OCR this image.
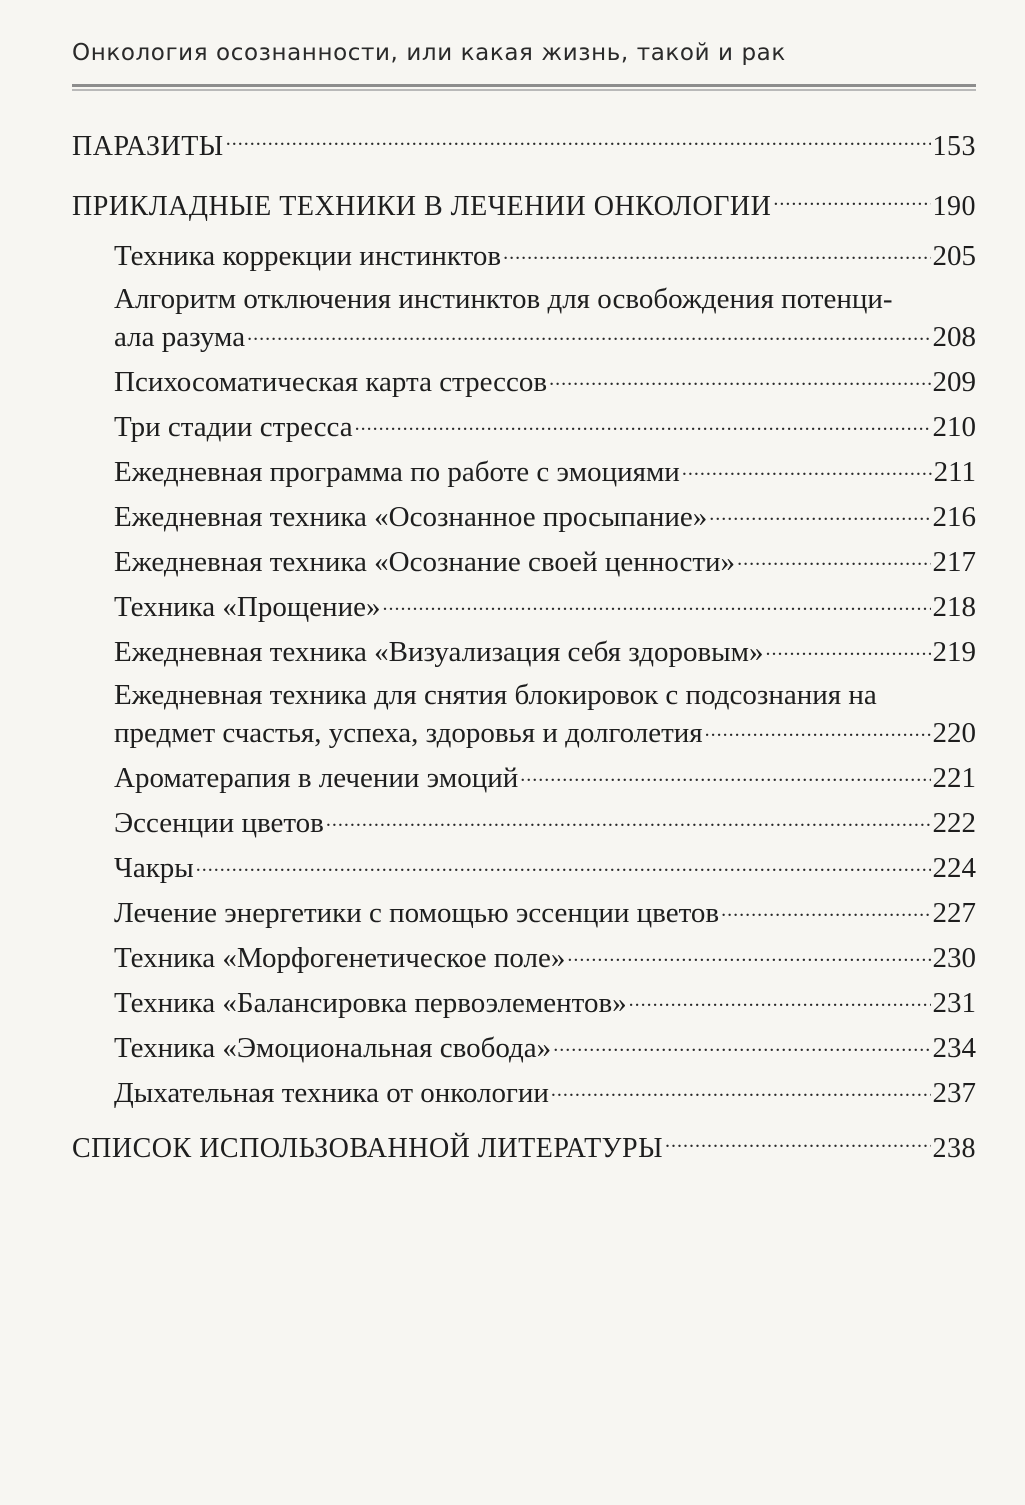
Онкология осознанности, или какая жизнь, такой и рак
ПАРАЗИТЫ .....	153
ПРИКЛАДНЫЕ ТЕХНИКИ В ЛЕЧЕНИИ ОНКОЛОГИИ .....	190
Техника коррекции инстинктов .....	205
Алгоритм отключения инстинктов для освобождения потенци-
ала разума .....	208
Психосоматическая карта стрессов .....	209
Три стадии стресса .....	210
Ежедневная программа по работе с эмоциями .....	211
Ежедневная техника «Осознанное просыпание» .....	216
Ежедневная техника «Осознание своей ценности» .....	217
Техника «Прощение» .....	218
Ежедневная техника «Визуализация себя здоровым» .....	219
Ежедневная техника для снятия блокировок с подсознания на
предмет счастья, успеха, здоровья и долголетия .....	220
Ароматерапия в лечении эмоций .....	221
Эссенции цветов .....	222
Чакры .....	224
Лечение энергетики с помощью эссенции цветов .....	227
Техника «Морфогенетическое поле» .....	230
Техника «Балансировка первоэлементов» .....	231
Техника «Эмоциональная свобода» .....	234
Дыхательная техника от онкологии .....	237
СПИСОК ИСПОЛЬЗОВАННОЙ ЛИТЕРАТУРЫ .....	238
